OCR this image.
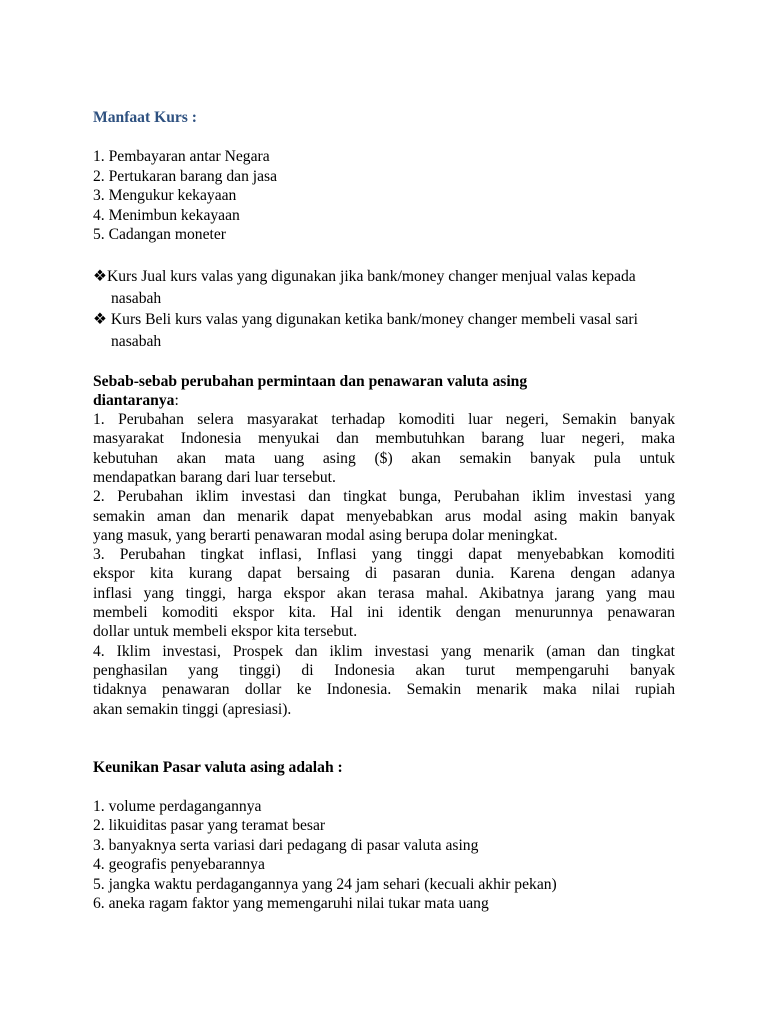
Manfaat Kurs :
1. Pembayaran antar Negara
2. Pertukaran barang dan jasa
3. Mengukur kekayaan
4. Menimbun kekayaan
5. Cadangan moneter
❖Kurs Jual kurs valas yang digunakan jika bank/money changer menjual valas kepada nasabah
❖ Kurs Beli kurs valas yang digunakan ketika bank/money changer membeli vasal sari nasabah
Sebab-sebab perubahan permintaan dan penawaran valuta asing
diantaranya:
1. Perubahan selera masyarakat terhadap komoditi luar negeri, Semakin banyak
masyarakat Indonesia menyukai dan membutuhkan barang luar negeri, maka
kebutuhan akan mata uang asing ($) akan semakin banyak pula untuk
mendapatkan barang dari luar tersebut.
2. Perubahan iklim investasi dan tingkat bunga, Perubahan iklim investasi yang
semakin aman dan menarik dapat menyebabkan arus modal asing makin banyak
yang masuk, yang berarti penawaran modal asing berupa dolar meningkat.
3. Perubahan tingkat inflasi, Inflasi yang tinggi dapat menyebabkan komoditi
ekspor kita kurang dapat bersaing di pasaran dunia. Karena dengan adanya
inflasi yang tinggi, harga ekspor akan terasa mahal. Akibatnya jarang yang mau
membeli komoditi ekspor kita. Hal ini identik dengan menurunnya penawaran
dollar untuk membeli ekspor kita tersebut.
4. Iklim investasi, Prospek dan iklim investasi yang menarik (aman dan tingkat
penghasilan yang tinggi) di Indonesia akan turut mempengaruhi banyak
tidaknya penawaran dollar ke Indonesia. Semakin menarik maka nilai rupiah
akan semakin tinggi (apresiasi).
Keunikan Pasar valuta asing adalah :
1. volume perdagangannya
2. likuiditas pasar yang teramat besar
3. banyaknya serta variasi dari pedagang di pasar valuta asing
4. geografis penyebarannya
5. jangka waktu perdagangannya yang 24 jam sehari (kecuali akhir pekan)
6. aneka ragam faktor yang memengaruhi nilai tukar mata uang
